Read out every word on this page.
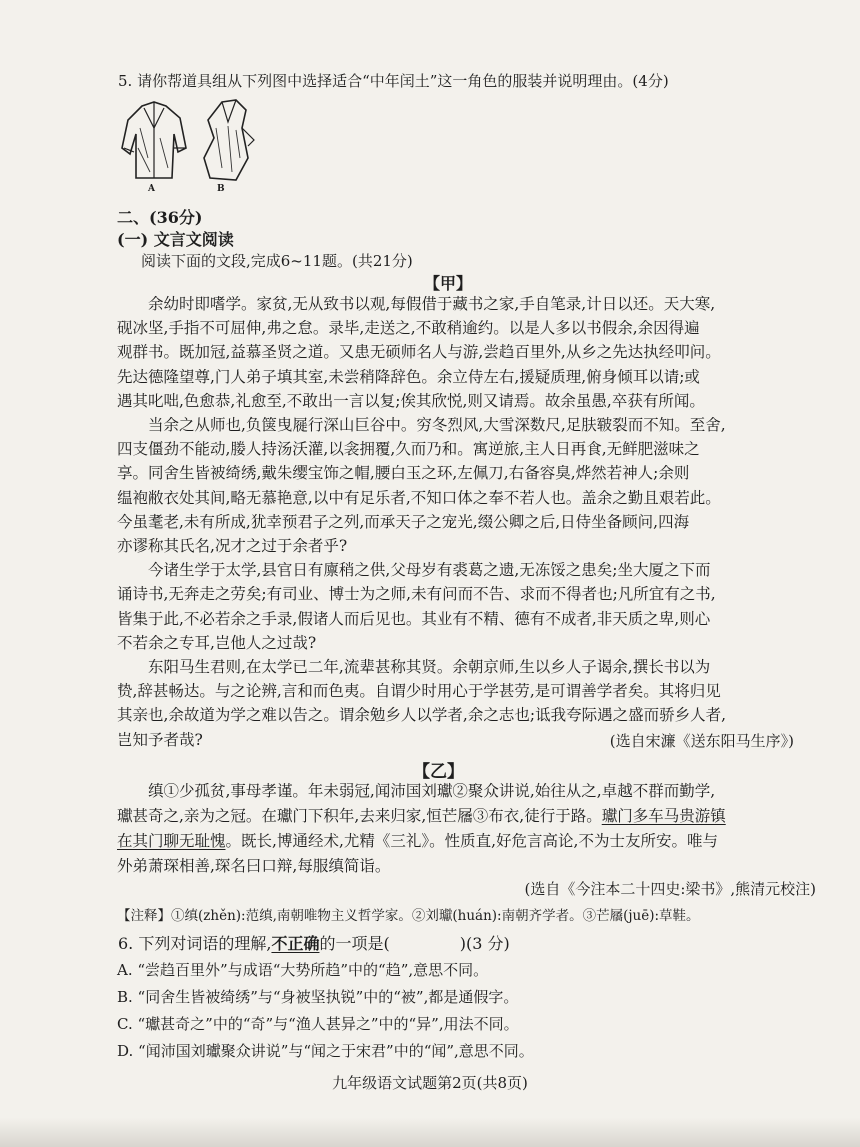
5. 请你帮道具组从下列图中选择适合“中年闰土”这一角色的服装并说明理由。(4分)
A	B
二、(36分)
(一) 文言文阅读
阅读下面的文段,完成6~11题。(共21分)
【甲】
余幼时即嗜学。家贫,无从致书以观,每假借于藏书之家,手自笔录,计日以还。天大寒,
砚冰坚,手指不可屈伸,弗之怠。录毕,走送之,不敢稍逾约。以是人多以书假余,余因得遍
观群书。既加冠,益慕圣贤之道。又患无硕师名人与游,尝趋百里外,从乡之先达执经叩问。
先达德隆望尊,门人弟子填其室,未尝稍降辞色。余立侍左右,援疑质理,俯身倾耳以请;或
遇其叱咄,色愈恭,礼愈至,不敢出一言以复;俟其欣悦,则又请焉。故余虽愚,卒获有所闻。
当余之从师也,负箧曳屣行深山巨谷中。穷冬烈风,大雪深数尺,足肤皲裂而不知。至舍,
四支僵劲不能动,媵人持汤沃灌,以衾拥覆,久而乃和。寓逆旅,主人日再食,无鲜肥滋味之
享。同舍生皆被绮绣,戴朱缨宝饰之帽,腰白玉之环,左佩刀,右备容臭,烨然若神人;余则
缊袍敝衣处其间,略无慕艳意,以中有足乐者,不知口体之奉不若人也。盖余之勤且艰若此。
今虽耄老,未有所成,犹幸预君子之列,而承天子之宠光,缀公卿之后,日侍坐备顾问,四海
亦谬称其氏名,况才之过于余者乎?
今诸生学于太学,县官日有廪稍之供,父母岁有裘葛之遗,无冻馁之患矣;坐大厦之下而
诵诗书,无奔走之劳矣;有司业、博士为之师,未有问而不告、求而不得者也;凡所宜有之书,
皆集于此,不必若余之手录,假诸人而后见也。其业有不精、德有不成者,非天质之卑,则心
不若余之专耳,岂他人之过哉?
东阳马生君则,在太学已二年,流辈甚称其贤。余朝京师,生以乡人子谒余,撰长书以为
贽,辞甚畅达。与之论辨,言和而色夷。自谓少时用心于学甚劳,是可谓善学者矣。其将归见
其亲也,余故道为学之难以告之。谓余勉乡人以学者,余之志也;诋我夸际遇之盛而骄乡人者,
岂知予者哉?	(选自宋濂《送东阳马生序》)
【乙】
缜①少孤贫,事母孝谨。年未弱冠,闻沛国刘瓛②聚众讲说,始往从之,卓越不群而勤学,
瓛甚奇之,亲为之冠。在瓛门下积年,去来归家,恒芒屩③布衣,徒行于路。瓛门多车马贵游镇
在其门聊无耻愧。既长,博通经术,尤精《三礼》。性质直,好危言高论,不为士友所安。唯与
外弟萧琛相善,琛名曰口辩,每服缜简诣。
(选自《今注本二十四史:梁书》,熊清元校注)
【注释】①缜(zhěn):范缜,南朝唯物主义哲学家。②刘瓛(huán):南朝齐学者。③芒屩(juē):草鞋。
6. 下列对词语的理解,不正确的一项是(	)(3 分)
A. “尝趋百里外”与成语“大势所趋”中的“趋”,意思不同。
B. “同舍生皆被绮绣”与“身被坚执锐”中的“被”,都是通假字。
C. “瓛甚奇之”中的“奇”与“渔人甚异之”中的“异”,用法不同。
D. “闻沛国刘瓛聚众讲说”与“闻之于宋君”中的“闻”,意思不同。
九年级语文试题第2页(共8页)
